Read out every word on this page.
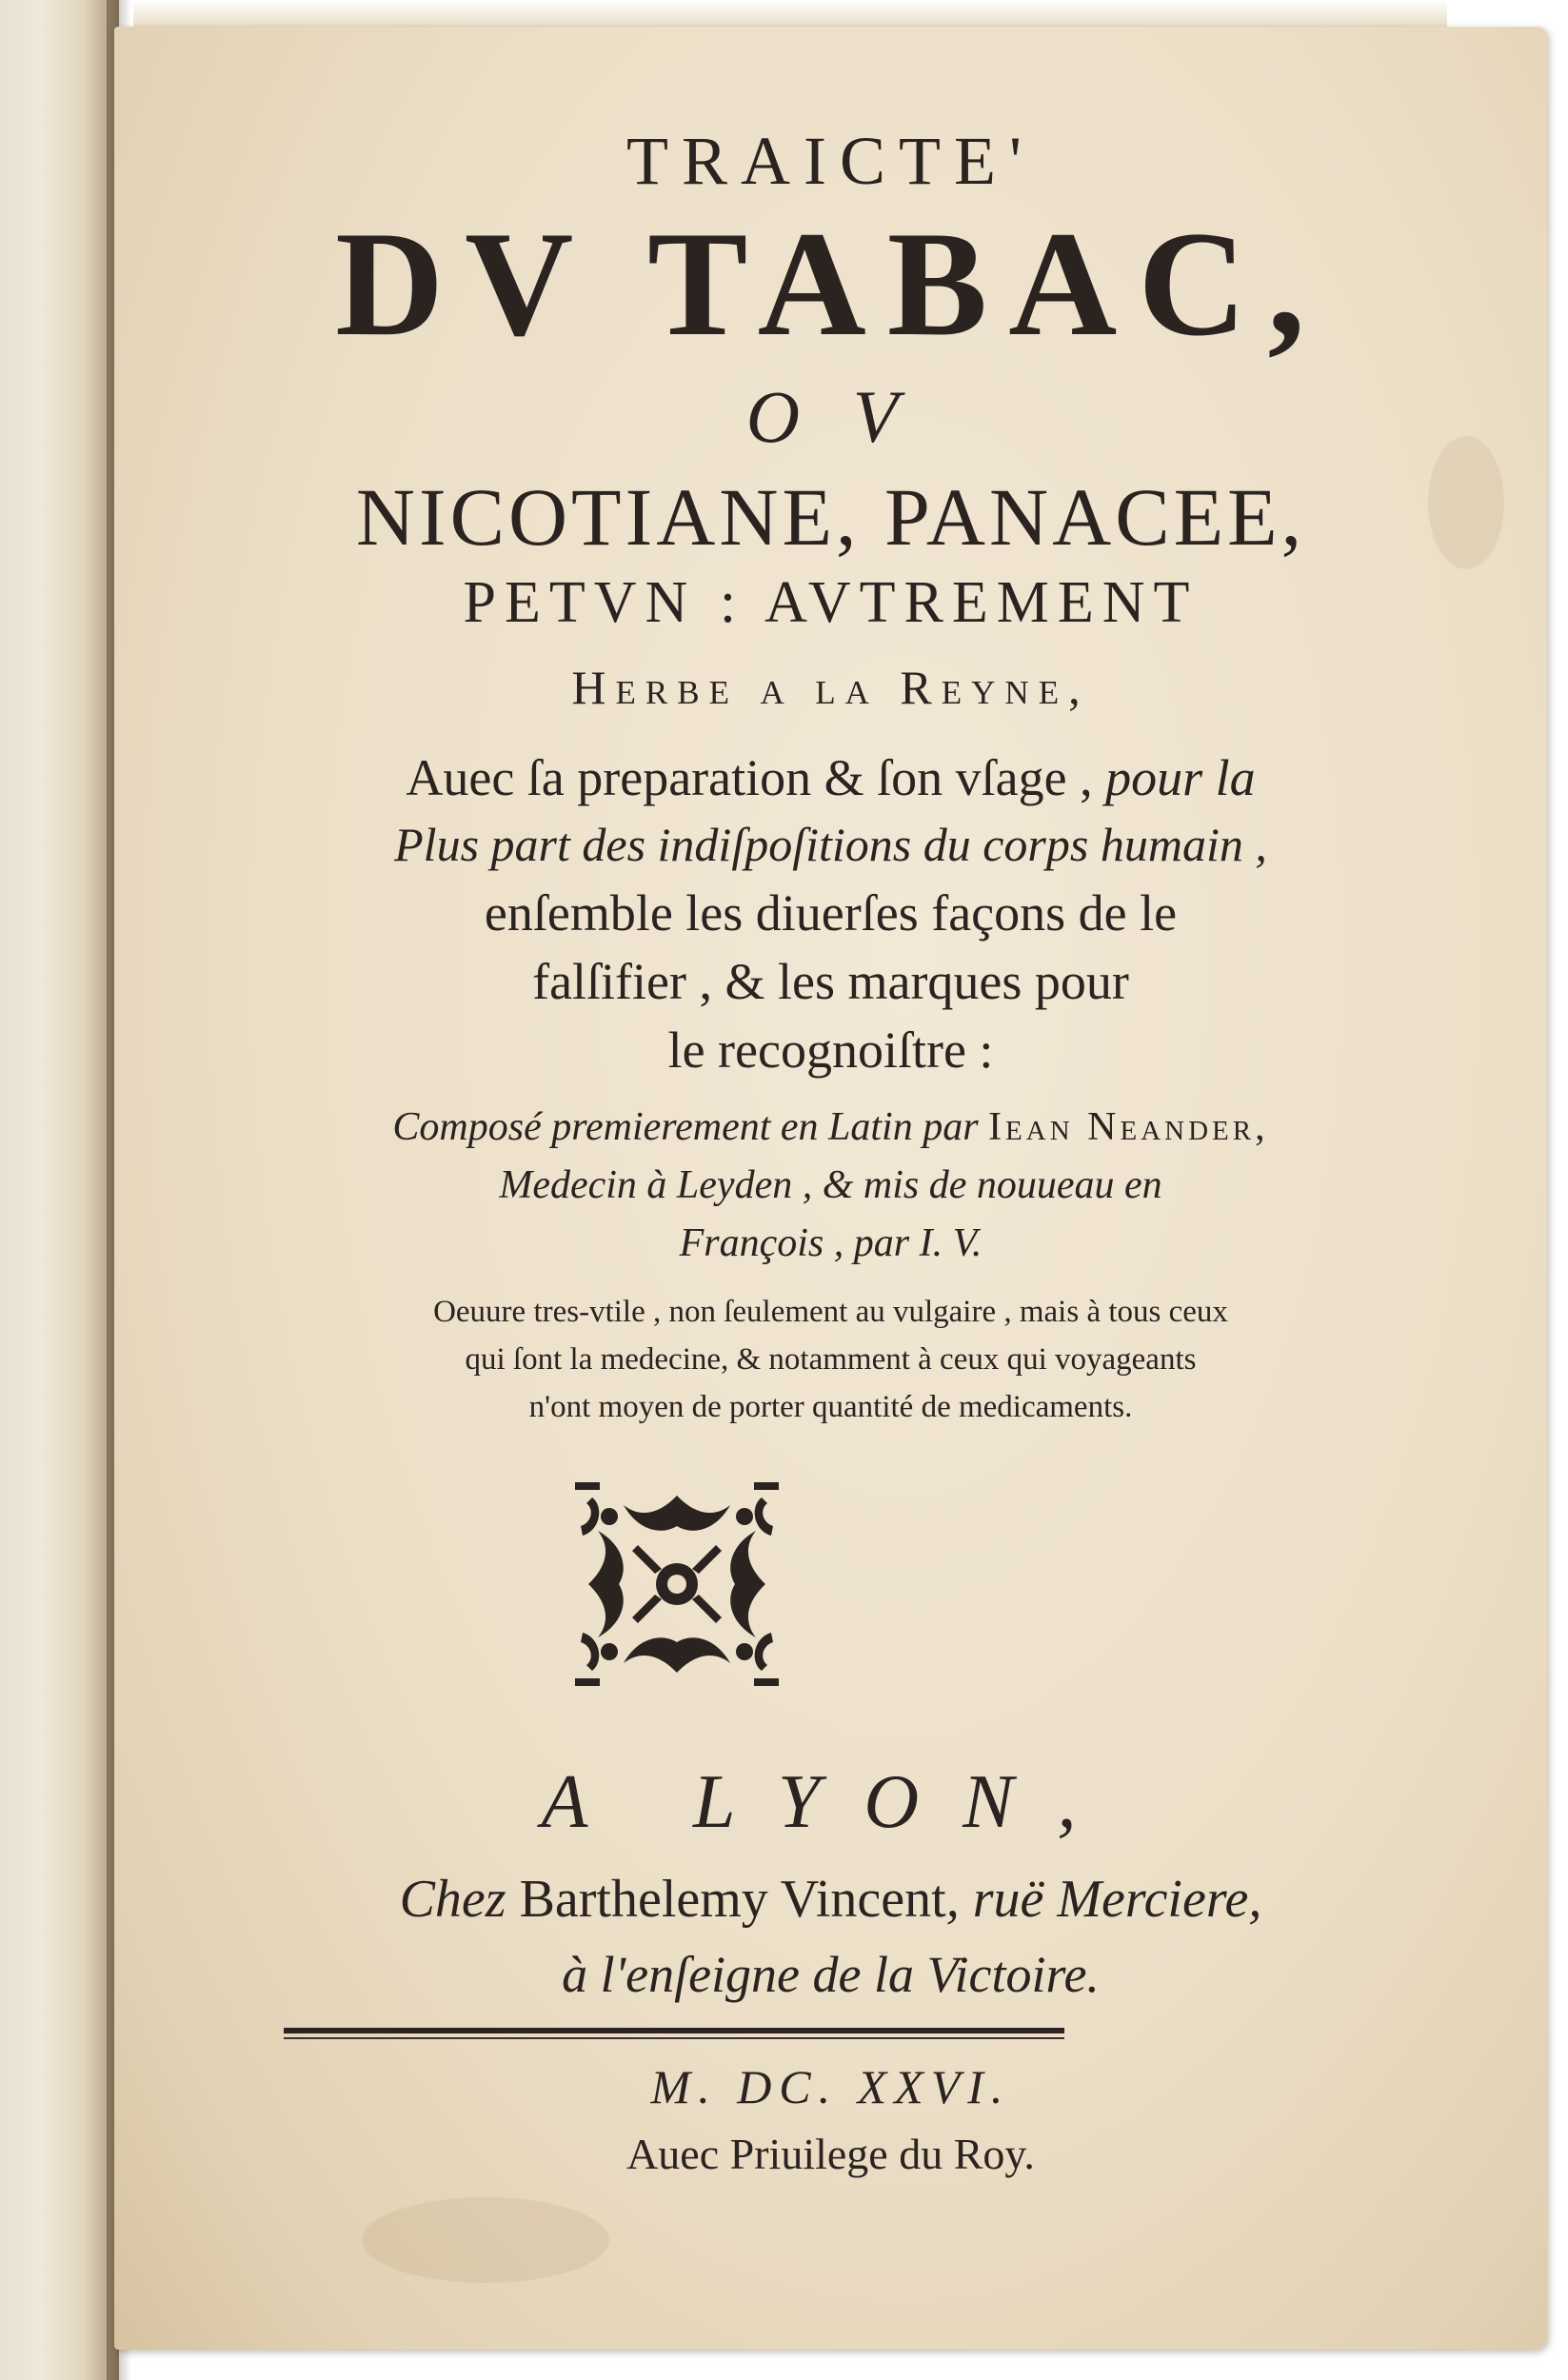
TRAICTE'
DV TABAC,
O V
NICOTIANE, PANACEE,
PETVN : AVTREMENT
Herbe a la Reyne,
Auec ſa preparation & ſon vſage , pour la
Plus part des indiſpoſitions du corps humain ,
enſemble les diuerſes façons de le
falſifier , & les marques pour
le recognoiſtre :
Composé premierement en Latin par Iean Neander,
Medecin à Leyden , & mis de nouueau en
François , par I. V.
Oeuure tres-vtile , non ſeulement au vulgaire , mais à tous ceux
qui ſont la medecine, & notamment à ceux qui voyageants
n'ont moyen de porter quantité de medicaments.
A LYON,
Chez Barthelemy Vincent, ruë Merciere,
à l'enſeigne de la Victoire.
M. DC. XXVI.
Auec Priuilege du Roy.
